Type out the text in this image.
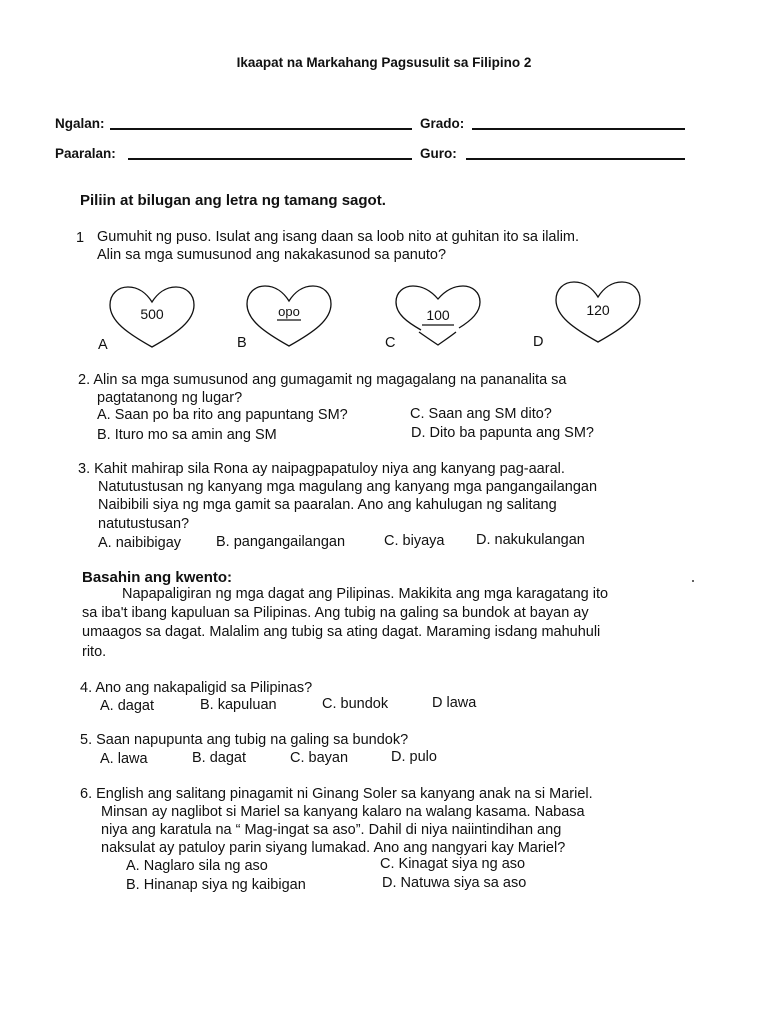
Ikaapat na Markahang Pagsusulit sa Filipino 2
Ngalan:	Grado:
Paaralan:	Guro:
Piliin at bilugan ang letra ng tamang sagot.
1 Gumuhit ng puso. Isulat ang isang daan sa loob nito at guhitan ito sa ilalim.
Alin sa mga sumusunod ang nakakasunod sa panuto?
500
A
opo
B
100
C
120
D
2. Alin sa mga sumusunod ang gumagamit ng magagalang na pananalita sa
pagtatanong ng lugar?
A. Saan po ba rito ang papuntang SM?	C. Saan ang SM dito?
B. Ituro mo sa amin ang SM	D. Dito ba papunta ang SM?
3. Kahit mahirap sila Rona ay naipagpapatuloy niya ang kanyang pag-aaral.
Natutustusan ng kanyang mga magulang ang kanyang mga pangangailangan
Naibibili siya ng mga gamit sa paaralan. Ano ang kahulugan ng salitang
natutustusan?
A. naibibigay B. pangangailangan	C. biyaya D. nakukulangan
Basahin ang kwento:
Napapaligiran ng mga dagat ang Pilipinas. Makikita ang mga karagatang ito
sa iba't ibang kapuluan sa Pilipinas. Ang tubig na galing sa bundok at bayan ay
umaagos sa dagat. Malalim ang tubig sa ating dagat. Maraming isdang mahuhuli
rito.
4. Ano ang nakapaligid sa Pilipinas?
A. dagat	B. kapuluan	C. bundok	D lawa
5. Saan napupunta ang tubig na galing sa bundok?
A. lawa	B. dagat	C. bayan	D. pulo
6. English ang salitang pinagamit ni Ginang Soler sa kanyang anak na si Mariel.
Minsan ay naglibot si Mariel sa kanyang kalaro na walang kasama. Nabasa
niya ang karatula na “ Mag-ingat sa aso”. Dahil di niya naiintindihan ang
naksulat ay patuloy parin siyang lumakad. Ano ang nangyari kay Mariel?
A. Naglaro sila ng aso	C. Kinagat siya ng aso
B. Hinanap siya ng kaibigan	D. Natuwa siya sa aso
